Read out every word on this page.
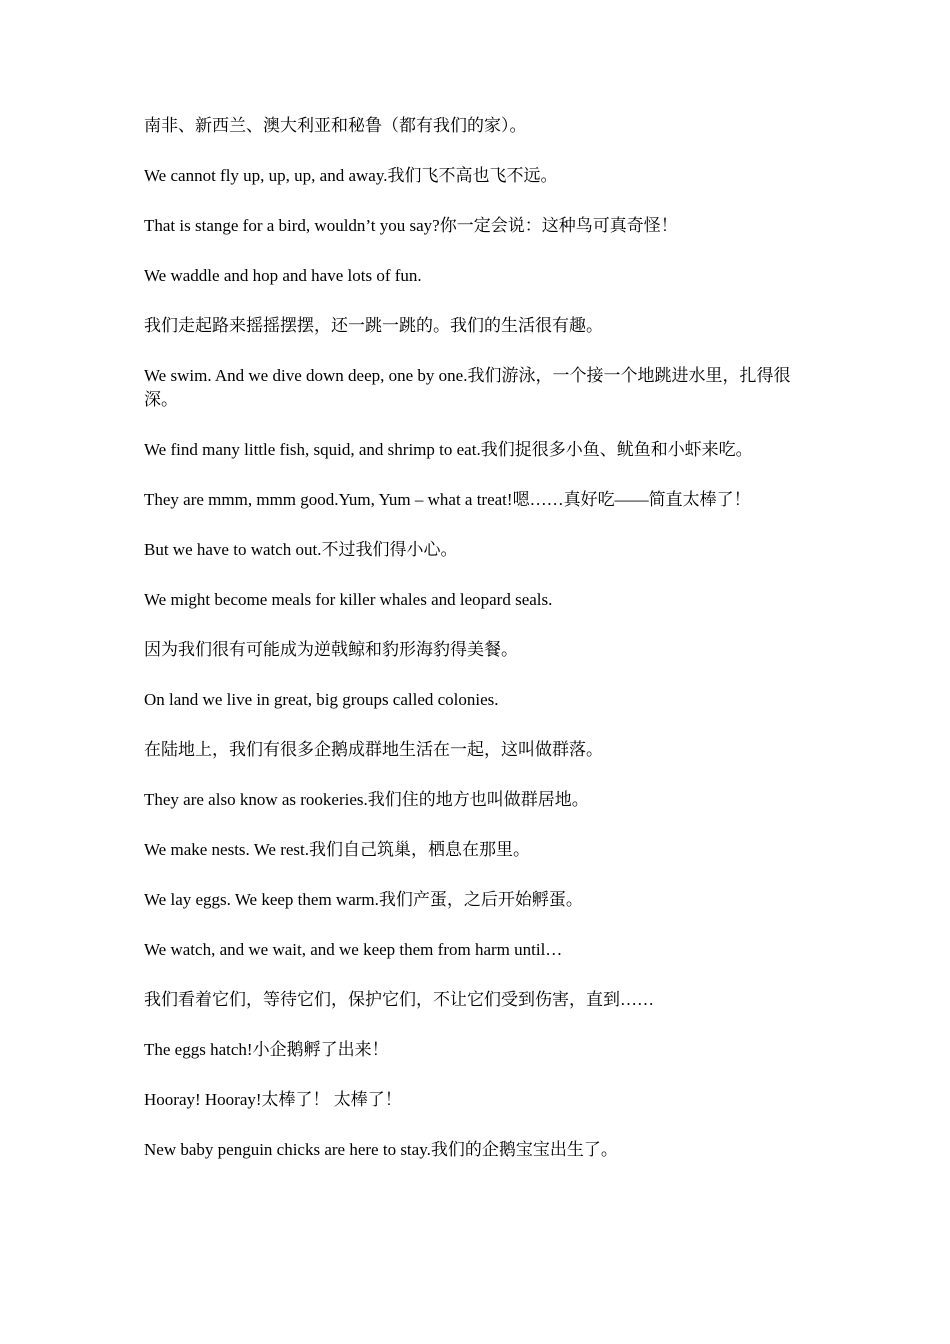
南非、新西兰、澳大利亚和秘鲁（都有我们的家）。

We cannot fly up, up, up, and away.我们飞不高也飞不远。

That is stange for a bird, wouldn’t you say?你一定会说：这种鸟可真奇怪！

We waddle and hop and have lots of fun.

我们走起路来摇摇摆摆，还一跳一跳的。我们的生活很有趣。

We swim. And we dive down deep, one by one.我们游泳，一个接一个地跳进水里，扎得很深。

We find many little fish, squid, and shrimp to eat.我们捉很多小鱼、鱿鱼和小虾来吃。

They are mmm, mmm good.Yum, Yum – what a treat!嗯……真好吃——简直太棒了！

But we have to watch out.不过我们得小心。

We might become meals for killer whales and leopard seals.

因为我们很有可能成为逆戟鲸和豹形海豹得美餐。

On land we live in great, big groups called colonies.

在陆地上，我们有很多企鹅成群地生活在一起，这叫做群落。

They are also know as rookeries.我们住的地方也叫做群居地。

We make nests. We rest.我们自己筑巢，栖息在那里。

We lay eggs. We keep them warm.我们产蛋，之后开始孵蛋。

We watch, and we wait, and we keep them from harm until…

我们看着它们，等待它们，保护它们，不让它们受到伤害，直到……

The eggs hatch!小企鹅孵了出来！

Hooray! Hooray!太棒了！ 太棒了！

New baby penguin chicks are here to stay.我们的企鹅宝宝出生了。
